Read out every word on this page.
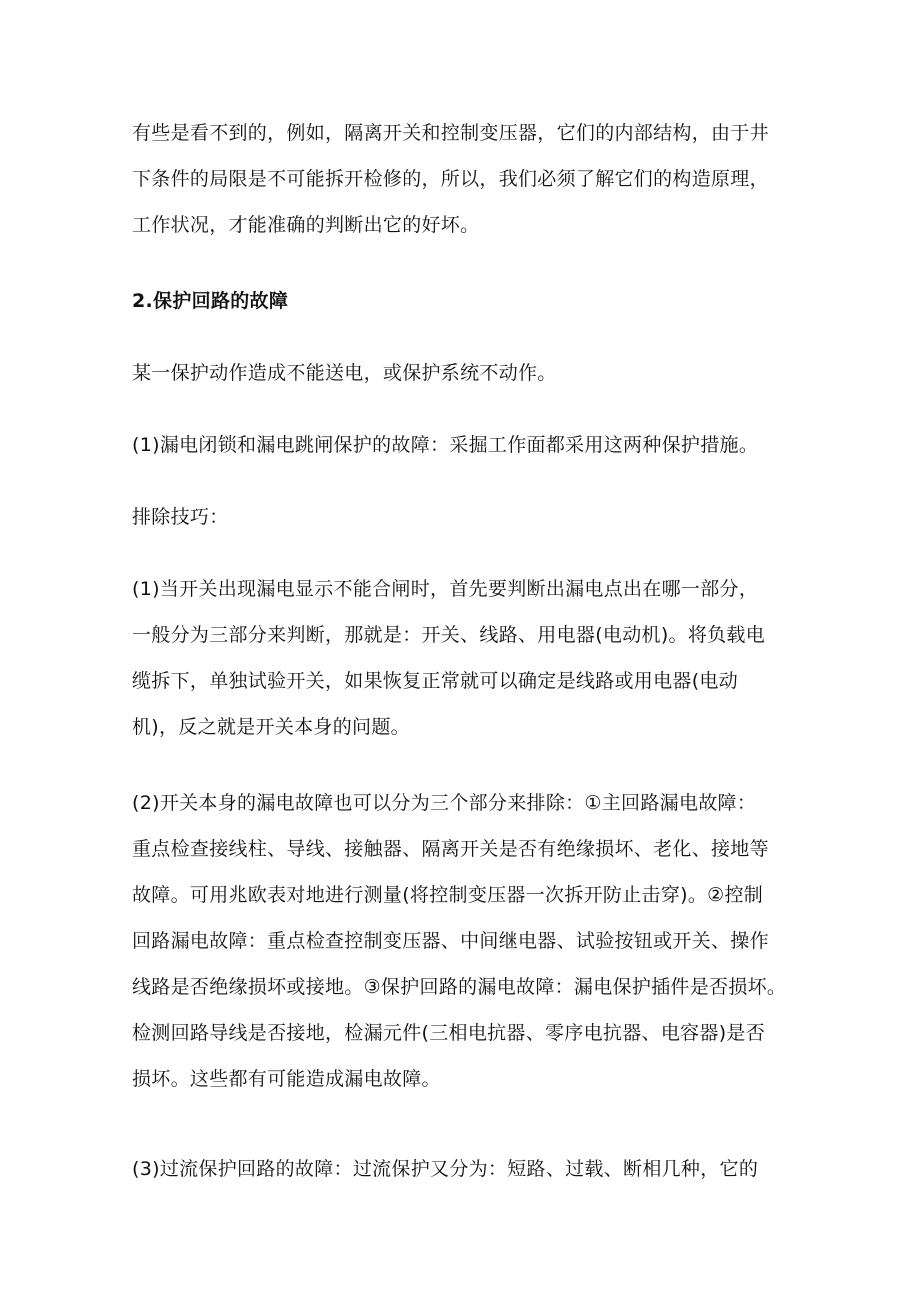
有些是看不到的，例如，隔离开关和控制变压器，它们的内部结构，由于井
下条件的局限是不可能拆开检修的，所以，我们必须了解它们的构造原理，
工作状况，才能准确的判断出它的好坏。
2.保护回路的故障
某一保护动作造成不能送电，或保护系统不动作。
(1)漏电闭锁和漏电跳闸保护的故障：采掘工作面都采用这两种保护措施。
排除技巧：
(1)当开关出现漏电显示不能合闸时，首先要判断出漏电点出在哪一部分，
一般分为三部分来判断，那就是：开关、线路、用电器(电动机)。将负载电
缆拆下，单独试验开关，如果恢复正常就可以确定是线路或用电器(电动
机)，反之就是开关本身的问题。
(2)开关本身的漏电故障也可以分为三个部分来排除：①主回路漏电故障：
重点检查接线柱、导线、接触器、隔离开关是否有绝缘损坏、老化、接地等
故障。可用兆欧表对地进行测量(将控制变压器一次拆开防止击穿)。②控制
回路漏电故障：重点检查控制变压器、中间继电器、试验按钮或开关、操作
线路是否绝缘损坏或接地。③保护回路的漏电故障：漏电保护插件是否损坏。
检测回路导线是否接地，检漏元件(三相电抗器、零序电抗器、电容器)是否
损坏。这些都有可能造成漏电故障。
(3)过流保护回路的故障：过流保护又分为：短路、过载、断相几种，它的
